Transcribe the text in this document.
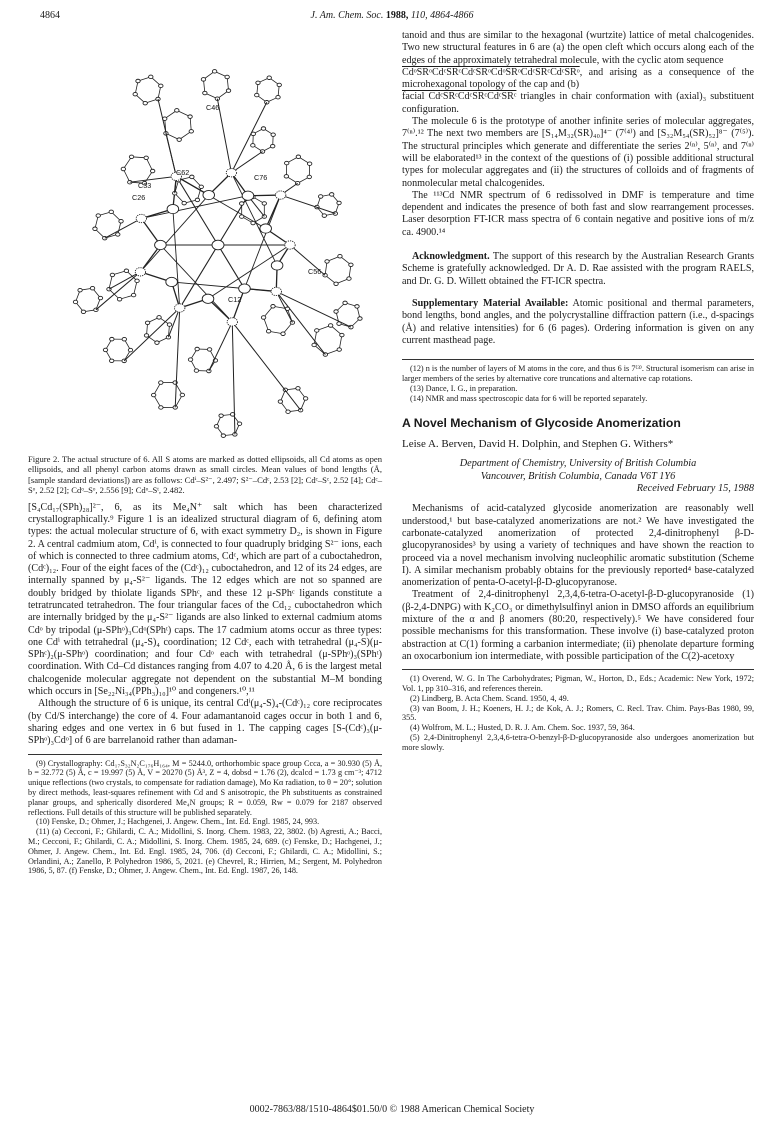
4864	J. Am. Chem. Soc. 1988, 110, 4864-4866
C46
C62
C76
C33
C26
C56
C12

Figure 2. The actual structure of 6. All S atoms are marked as dotted ellipsoids, all Cd atoms as open ellipsoids, and all phenyl carbon atoms drawn as small circles. Mean values of bond lengths (Å, [sample standard deviations]) are as follows: Cdⁱ–S²⁻, 2.497; S²⁻–Cdᶜ, 2.53 [2]; Cdᶜ–Sᶜ, 2.52 [4]; Cdᶜ–Sᵒ, 2.52 [2]; Cdᵒ–Sᵒ, 2.556 [9]; Cdᵒ–Sᵗ, 2.482.

[S₄Cd₁₇(SPh)₂₈]²⁻, 6, as its Me₄N⁺ salt which has been characterized crystallographically.⁹ Figure 1 is an idealized structural diagram of 6, defining atom types: the actual molecular structure of 6, with exact symmetry D₂, is shown in Figure 2. A central cadmium atom, Cdⁱ, is connected to four quadruply bridging S²⁻ ions, each of which is connected to three cadmium atoms, Cdᶜ, which are part of a cuboctahedron, (Cdᶜ)₁₂. Four of the eight faces of the (Cdᶜ)₁₂ cuboctahedron, and 12 of its 24 edges, are internally spanned by μ₄-S²⁻ ligands. The 12 edges which are not so spanned are doubly bridged by thiolate ligands SPhᶜ, and these 12 μ-SPhᶜ ligands constitute a tetratruncated tetrahedron. The four triangular faces of the Cd₁₂ cuboctahedron which are internally bridged by the μ₄-S²⁻ ligands are also linked to external cadmium atoms Cdᵒ by tripodal (μ-SPhᵒ)₃Cdᵒ(SPhᵗ) caps. The 17 cadmium atoms occur as three types: one Cdⁱ with tetrahedral (μ₄-S)₄ coordination; 12 Cdᶜ, each with tetrahedral (μ₄-S)(μ-SPhᶜ)₂(μ-SPhᵒ) coordination; and four Cdᵒ each with tetrahedral (μ-SPhᵒ)₃(SPhᵗ) coordination. With Cd–Cd distances ranging from 4.07 to 4.20 Å, 6 is the largest metal chalcogenide molecular aggregate not dependent on the substantial M–M bonding which occurs in [Se₂₂Ni₃₄(PPh₃)₁₀]¹⁰ and congeners.¹⁰,¹¹

Although the structure of 6 is unique, its central Cdⁱ(μ₄-S)₄-(Cdᶜ)₁₂ core reciprocates (by Cd/S interchange) the core of 4. Four adamantanoid cages occur in both 1 and 6, sharing edges and one vertex in 6 but fused in 1. The capping cages [S-(Cdᶜ)₃(μ-SPhᵒ)₃Cdᵒ] of 6 are barrelanoid rather than adaman-

(9) Crystallography: Cd₁₇S₃₂N₂C₁₇₆H₁₆₄, M = 5244.0, orthorhombic space group Ccca, a = 30.930 (5) Å, b = 32.772 (5) Å, c = 19.997 (5) Å, V = 20270 (5) Å³, Z = 4, dobsd = 1.76 (2), dcalcd = 1.73 g cm⁻³; 4712 unique reflections (two crystals, to compensate for radiation damage), Mo Kα radiation, to θ = 20°; solution by direct methods, least-squares refinement with Cd and S anisotropic, the Ph substituents as constrained planar groups, and spherically disordered Me₄N groups; R = 0.059, Rw = 0.079 for 2187 observed reflections. Full details of this structure will be published separately.

(10) Fenske, D.; Ohmer, J.; Hachgenei, J. Angew. Chem., Int. Ed. Engl. 1985, 24, 993.

(11) (a) Cecconi, F.; Ghilardi, C. A.; Midollini, S. Inorg. Chem. 1983, 22, 3802. (b) Agresti, A.; Bacci, M.; Cecconi, F.; Ghilardi, C. A.; Midollini, S. Inorg. Chem. 1985, 24, 689. (c) Fenske, D.; Hachgenei, J.; Ohmer, J. Angew. Chem., Int. Ed. Engl. 1985, 24, 706. (d) Cecconi, F.; Ghilardi, C. A.; Midollini, S.; Orlandini, A.; Zanello, P. Polyhedron 1986, 5, 2021. (e) Chevrel, R.; Hirrien, M.; Sergent, M. Polyhedron 1986, 5, 87. (f) Fenske, D.; Ohmer, J. Angew. Chem., Int. Ed. Engl. 1987, 26, 148.

tanoid and thus are similar to the hexagonal (wurtzite) lattice of metal chalcogenides. Two new structural features in 6 are (a) the open cleft which occurs along each of the edges of the approximately tetrahedral molecule, with the cyclic atom sequence

CdᵒSRᵒCdᶜSRᶜCdᶜSRᵒCdᵒSRᵒCdᶜSRᶜCdᶜSRᵒ, and arising as a consequence of the microhexagonal topology of the cap and (b)

facial CdᶜSRᶜCdᶜSRᶜCdᶜSRᶜ triangles in chair conformation with (axial)₃ substituent configuration.

The molecule 6 is the prototype of another infinite series of molecular aggregates, 7⁽ⁿ⁾.¹² The next two members are [S₁₄M₃₂(SR)₄₀]⁴⁻ (7⁽⁴⁾) and [S₃₂M₅₄(SR)₅₂]⁸⁻ (7⁽⁵⁾). The structural principles which generate and differentiate the series 2⁽ⁿ⁾, 5⁽ⁿ⁾, and 7⁽ⁿ⁾ will be elaborated¹³ in the context of the questions of (i) possible additional structural types for molecular aggregates and (ii) the structures of colloids and of fragments of nonmolecular metal chalcogenides.

The ¹¹³Cd NMR spectrum of 6 redissolved in DMF is temperature and time dependent and indicates the presence of both fast and slow rearrangement processes. Laser desorption FT-ICR mass spectra of 6 contain negative and positive ions of m/z ca. 4900.¹⁴

Acknowledgment. The support of this research by the Australian Research Grants Scheme is gratefully acknowledged. Dr A. D. Rae assisted with the program RAELS, and Dr. G. D. Willett obtained the FT-ICR spectra.

Supplementary Material Available: Atomic positional and thermal parameters, bond lengths, bond angles, and the polycrystalline diffraction pattern (i.e., d-spacings (Å) and relative intensities) for 6 (6 pages). Ordering information is given on any current masthead page.

(12) n is the number of layers of M atoms in the core, and thus 6 is 7⁽³⁾. Structural isomerism can arise in larger members of the series by alternative core truncations and alternative cap rotations.

(13) Dance, I. G., in preparation.

(14) NMR and mass spectroscopic data for 6 will be reported separately.

A Novel Mechanism of Glycoside Anomerization

Leise A. Berven, David H. Dolphin, and Stephen G. Withers*

Department of Chemistry, University of British Columbia

Vancouver, British Columbia, Canada V6T 1Y6

Received February 15, 1988

Mechanisms of acid-catalyzed glycoside anomerization are reasonably well understood,¹ but base-catalyzed anomerizations are not.² We have investigated the carbonate-catalyzed anomerization of protected 2,4-dinitrophenyl β-D-glucopyranosides³ by using a variety of techniques and have shown the reaction to proceed via a novel mechanism involving nucleophilic aromatic substitution (Scheme I). A similar mechanism probably obtains for the previously reported⁴ base-catalyzed anomerization of penta-O-acetyl-β-D-glucopyranose.

Treatment of 2,4-dinitrophenyl 2,3,4,6-tetra-O-acetyl-β-D-glucopyranoside (1) (β-2,4-DNPG) with K₂CO₃ or dimethylsulfinyl anion in DMSO affords an equilibrium mixture of the α and β anomers (80:20, respectively).⁵ We have considered four possible mechanisms for this transformation. These involve (i) base-catalyzed proton abstraction at C(1) forming a carbanion intermediate; (ii) phenolate departure forming an oxocarbonium ion intermediate, with possible participation of the C(2)-acetoxy

(1) Overend, W. G. In The Carbohydrates; Pigman, W., Horton, D., Eds.; Academic: New York, 1972; Vol. 1, pp 310–316, and references therein.

(2) Lindberg, B. Acta Chem. Scand. 1950, 4, 49.

(3) van Boom, J. H.; Koeners, H. J.; de Kok, A. J.; Romers, C. Recl. Trav. Chim. Pays-Bas 1980, 99, 355.

(4) Wolfrom, M. L.; Husted, D. R. J. Am. Chem. Soc. 1937, 59, 364.

(5) 2,4-Dinitrophenyl 2,3,4,6-tetra-O-benzyl-β-D-glucopyranoside also undergoes anomerization but more slowly.

0002-7863/88/1510-4864$01.50/0 © 1988 American Chemical Society
